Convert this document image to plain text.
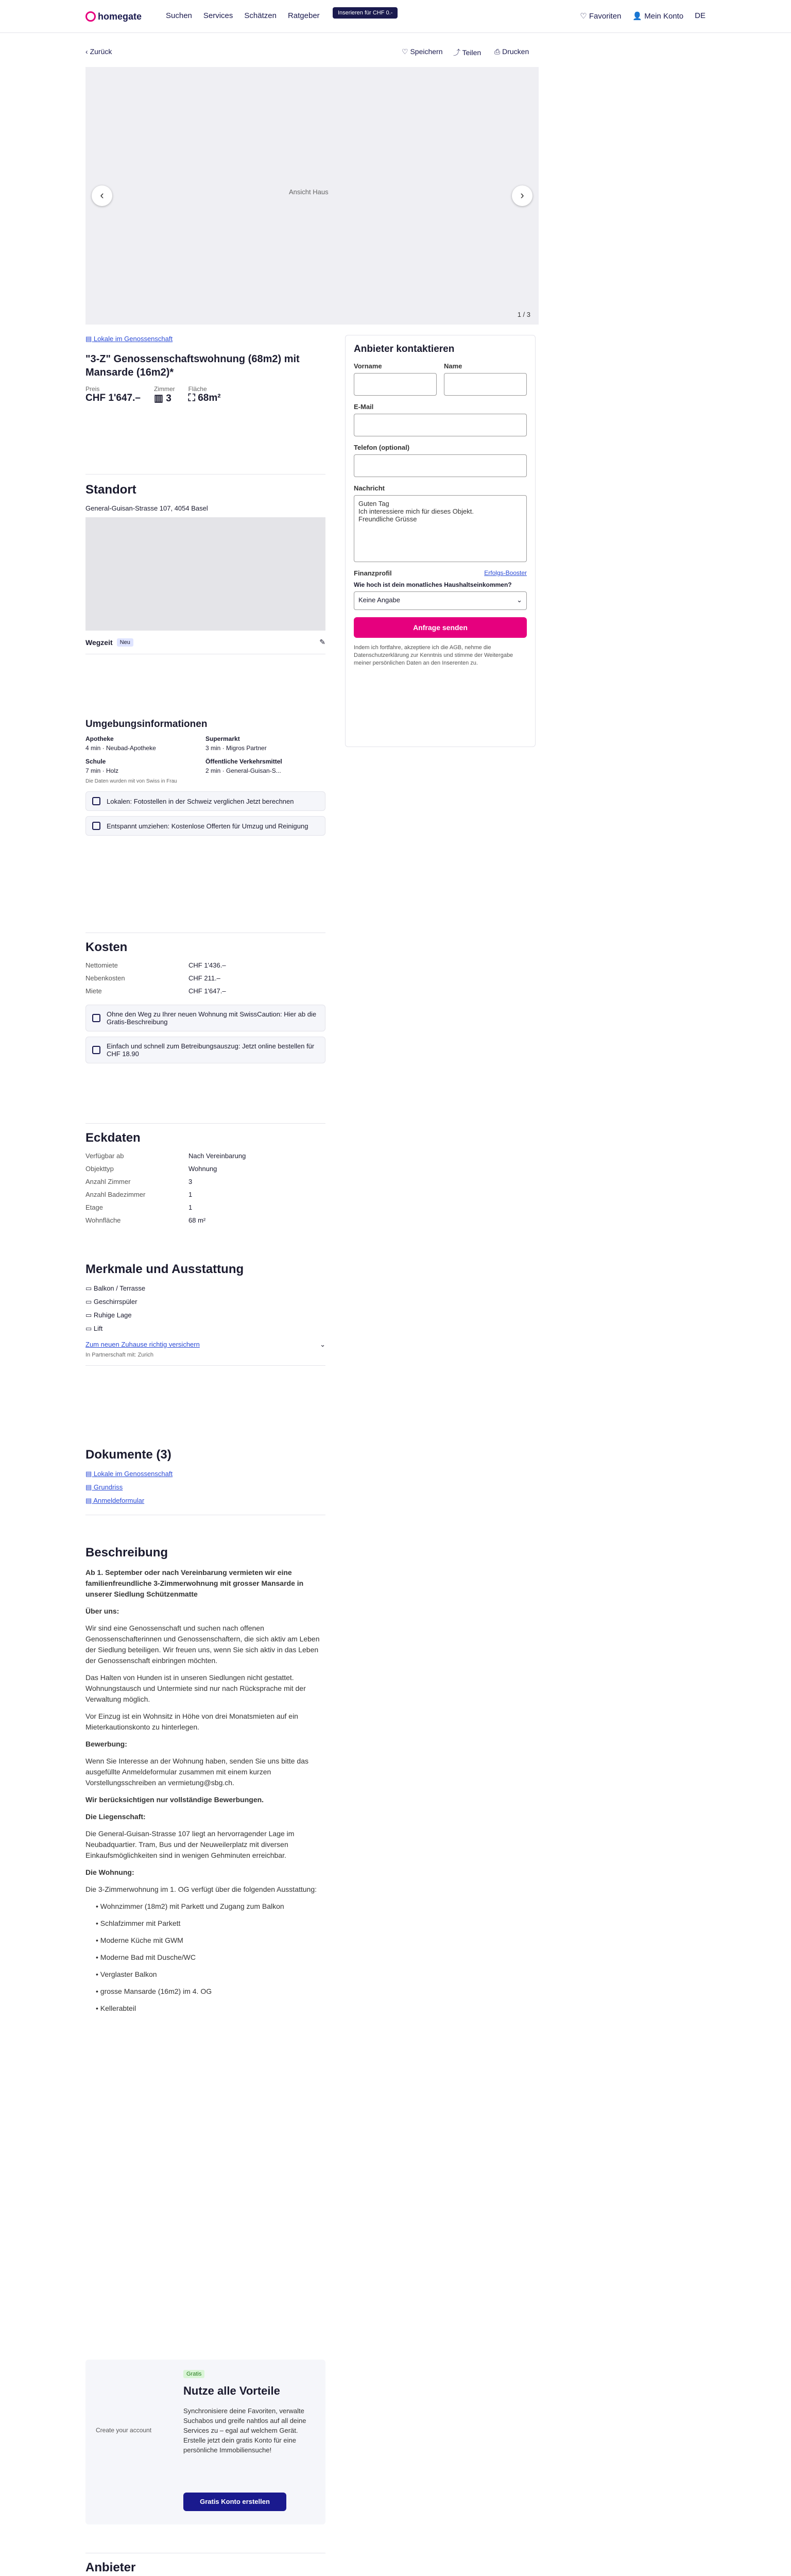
homegate	Suchen Services Schätzen Ratgeber	Inserieren für CHF 0.-	♡ Favoriten 👤 Mein Konto DE
‹ Zurück	♡ Speichern ⤴ Teilen ⎙ Drucken
Ansicht Haus
‹	›
1 / 3
▤ Lokale im Genossenschaft
"3-Z" Genossenschaftswohnung (68m2) mit Mansarde (16m2)*
Preis
CHF 1'647.–
Zimmer
▥ 3
Fläche
⛶ 68m²
Anbieter kontaktieren
Vorname	Name
E-Mail
Telefon (optional)
Nachricht
Guten Tag
Ich interessiere mich für dieses Objekt.
Freundliche Grüsse
Finanzprofil	Erfolgs-Booster
Wie hoch ist dein monatliches Haushaltseinkommen?
Keine Angabe	⌄
Anfrage senden
Indem ich fortfahre, akzeptiere ich die AGB, nehme die Datenschutzerklärung zur Kenntnis und stimme der Weitergabe meiner persönlichen Daten an den Inserenten zu.
Standort
General-Guisan-Strasse 107, 4054 Basel
Wegzeit	Neu	✎
Umgebungsinformationen
Apotheke	Supermarkt
4 min · Neubad-Apotheke	3 min · Migros Partner
Schule	Öffentliche Verkehrsmittel
7 min · Holz	2 min · General-Guisan-S...
Die Daten wurden mit von Swiss in Frau
Lokalen: Fotostellen in der Schweiz verglichen Jetzt berechnen
Entspannt umziehen: Kostenlose Offerten für Umzug und Reinigung
Kosten
Nettomiete	CHF 1'436.–
Nebenkosten	CHF 211.–
Miete	CHF 1'647.–
Ohne den Weg zu Ihrer neuen Wohnung mit SwissCaution: Hier ab die Gratis-Beschreibung
Einfach und schnell zum Betreibungsauszug: Jetzt online bestellen für CHF 18.90
Eckdaten
Verfügbar ab	Nach Vereinbarung
Objekttyp	Wohnung
Anzahl Zimmer	3
Anzahl Badezimmer	1
Etage	1
Wohnfläche	68 m²
Merkmale und Ausstattung
▭ Balkon / Terrasse
▭ Geschirrspüler
▭ Ruhige Lage
▭ Lift
Zum neuen Zuhause richtig versichern	⌄
In Partnerschaft mit: Zurich
Dokumente (3)
▤ Lokale im Genossenschaft
▤ Grundriss
▤ Anmeldeformular
Beschreibung
Ab 1. September oder nach Vereinbarung vermieten wir eine familienfreundliche 3-Zimmerwohnung mit grosser Mansarde in unserer Siedlung Schützenmatte
Über uns:
Wir sind eine Genossenschaft und suchen nach offenen Genossenschafterinnen und Genossenschaftern, die sich aktiv am Leben der Siedlung beteiligen. Wir freuen uns, wenn Sie sich aktiv in das Leben der Genossenschaft einbringen möchten.
Das Halten von Hunden ist in unseren Siedlungen nicht gestattet. Wohnungstausch und Untermiete sind nur nach Rücksprache mit der Verwaltung möglich.
Vor Einzug ist ein Wohnsitz in Höhe von drei Monatsmieten auf ein Mieterkautionskonto zu hinterlegen.
Bewerbung:
Wenn Sie Interesse an der Wohnung haben, senden Sie uns bitte das ausgefüllte Anmeldeformular zusammen mit einem kurzen Vorstellungsschreiben an vermietung@sbg.ch.
Wir berücksichtigen nur vollständige Bewerbungen.
Die Liegenschaft:
Die General-Guisan-Strasse 107 liegt an hervorragender Lage im Neubadquartier. Tram, Bus und der Neuweilerplatz mit diversen Einkaufsmöglichkeiten sind in wenigen Gehminuten erreichbar.
Die Wohnung:
Die 3-Zimmerwohnung im 1. OG verfügt über die folgenden Ausstattung:
• Wohnzimmer (18m2) mit Parkett und Zugang zum Balkon
• Schlafzimmer mit Parkett
• Moderne Küche mit GWM
• Moderne Bad mit Dusche/WC
• Verglaster Balkon
• grosse Mansarde (16m2) im 4. OG
• Kellerabteil
Create your account
Gratis
Nutze alle Vorteile
Synchronisiere deine Favoriten, verwalte Suchabos und greife nahtlos auf all deine Services zu – egal auf welchem Gerät. Erstelle jetzt dein gratis Konto für eine persönliche Immobiliensuche!
Gratis Konto erstellen
Anbieter
